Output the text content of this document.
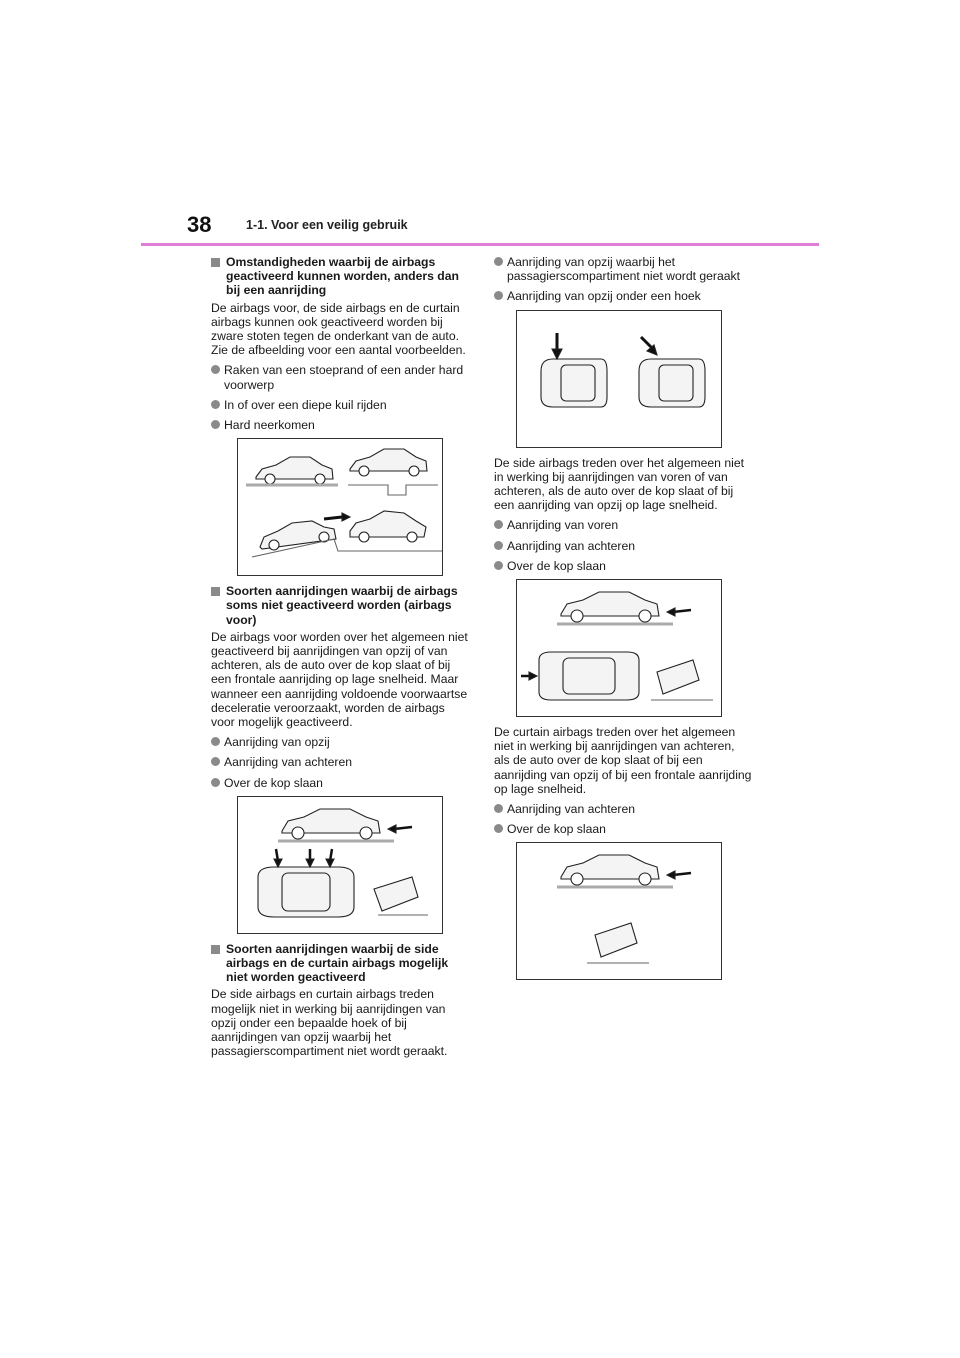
38	1-1. Voor een veilig gebruik
Omstandigheden waarbij de airbags geactiveerd kunnen worden, anders dan bij een aanrijding

De airbags voor, de side airbags en de curtain airbags kunnen ook geactiveerd worden bij zware stoten tegen de onderkant van de auto. Zie de afbeelding voor een aantal voorbeelden.

Raken van een stoeprand of een ander hard voorwerp
In of over een diepe kuil rijden
Hard neerkomen
Soorten aanrijdingen waarbij de airbags soms niet geactiveerd worden (airbags voor)

De airbags voor worden over het algemeen niet geactiveerd bij aanrijdingen van opzij of van achteren, als de auto over de kop slaat of bij een frontale aanrijding op lage snelheid. Maar wanneer een aanrijding voldoende voorwaartse deceleratie veroorzaakt, worden de airbags voor mogelijk geactiveerd.

Aanrijding van opzij
Aanrijding van achteren
Over de kop slaan
Soorten aanrijdingen waarbij de side airbags en de curtain airbags mogelijk niet worden geactiveerd

De side airbags en curtain airbags treden mogelijk niet in werking bij aanrijdingen van opzij onder een bepaalde hoek of bij aanrijdingen van opzij waarbij het passagierscompartiment niet wordt geraakt.

Aanrijding van opzij waarbij het passagierscompartiment niet wordt geraakt
Aanrijding van opzij onder een hoek

De side airbags treden over het algemeen niet in werking bij aanrijdingen van voren of van achteren, als de auto over de kop slaat of bij een aanrijding van opzij op lage snelheid.

Aanrijding van voren
Aanrijding van achteren
Over de kop slaan

De curtain airbags treden over het algemeen niet in werking bij aanrijdingen van achteren, als de auto over de kop slaat of bij een aanrijding van opzij of bij een frontale aanrijding op lage snelheid.

Aanrijding van achteren
Over de kop slaan
